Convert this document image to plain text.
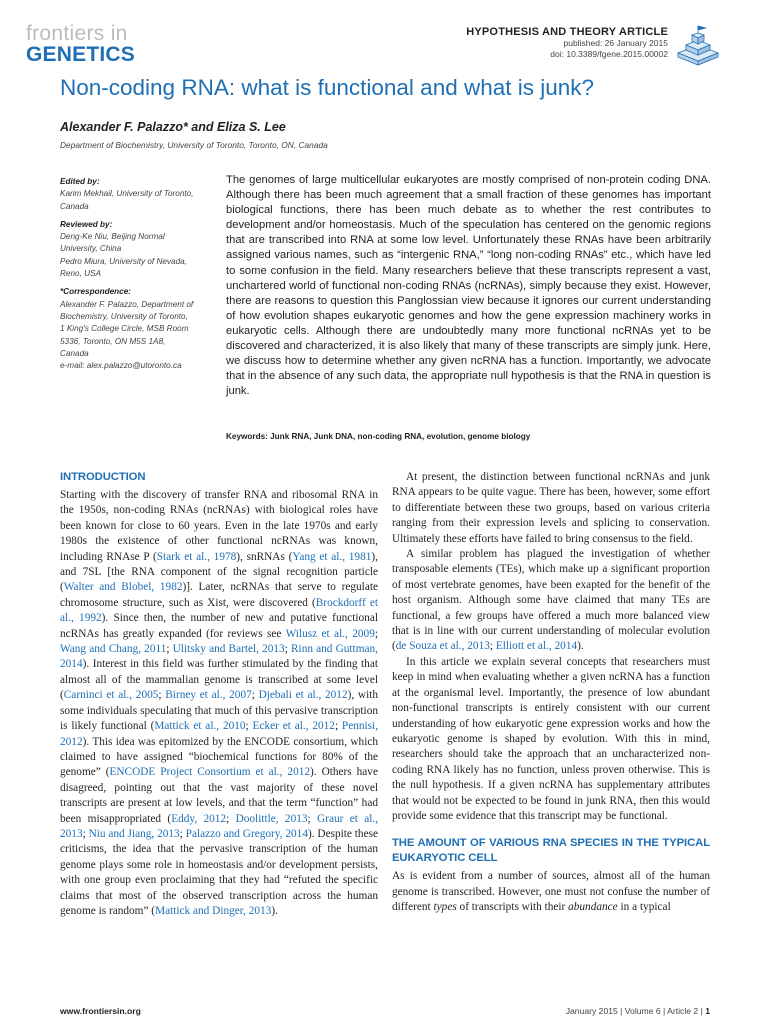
frontiers in
GENETICS
HYPOTHESIS AND THEORY ARTICLE
published: 26 January 2015
doi: 10.3389/fgene.2015.00002
Non-coding RNA: what is functional and what is junk?
Alexander F. Palazzo* and Eliza S. Lee
Department of Biochemistry, University of Toronto, Toronto, ON, Canada

Edited by:

Karim Mekhail, University of Toronto,

Canada

Reviewed by:

Deng-Ke Niu, Beijing Normal

University, China

Pedro Miura, University of Nevada,

Reno, USA

*Correspondence:

Alexander F. Palazzo, Department of

Biochemistry, University of Toronto,

1 King's College Circle, MSB Room

5336, Toronto, ON M5S 1A8,

Canada

e-mail: alex.palazzo@utoronto.ca

The genomes of large multicellular eukaryotes are mostly comprised of non-protein coding DNA. Although there has been much agreement that a small fraction of these genomes has important biological functions, there has been much debate as to whether the rest contributes to development and/or homeostasis. Much of the speculation has centered on the genomic regions that are transcribed into RNA at some low level. Unfortunately these RNAs have been arbitrarily assigned various names, such as “intergenic RNA,” “long non-coding RNAs” etc., which have led to some confusion in the field. Many researchers believe that these transcripts represent a vast, unchartered world of functional non-coding RNAs (ncRNAs), simply because they exist. However, there are reasons to question this Panglossian view because it ignores our current understanding of how evolution shapes eukaryotic genomes and how the gene expression machinery works in eukaryotic cells. Although there are undoubtedly many more functional ncRNAs yet to be discovered and characterized, it is also likely that many of these transcripts are simply junk. Here, we discuss how to determine whether any given ncRNA has a function. Importantly, we advocate that in the absence of any such data, the appropriate null hypothesis is that the RNA in question is junk.

Keywords: Junk RNA, Junk DNA, non-coding RNA, evolution, genome biology
INTRODUCTION

Starting with the discovery of transfer RNA and ribosomal RNA in the 1950s, non-coding RNAs (ncRNAs) with biological roles have been known for close to 60 years. Even in the late 1970s and early 1980s the existence of other functional ncRNAs was known, including RNAse P (Stark et al., 1978), snRNAs (Yang et al., 1981), and 7SL [the RNA component of the signal recognition particle (Walter and Blobel, 1982)]. Later, ncRNAs that serve to regulate chromosome structure, such as Xist, were discovered (Brockdorff et al., 1992). Since then, the number of new and putative functional ncRNAs has greatly expanded (for reviews see Wilusz et al., 2009; Wang and Chang, 2011; Ulitsky and Bartel, 2013; Rinn and Guttman, 2014). Interest in this field was further stimulated by the finding that almost all of the mammalian genome is transcribed at some level (Carninci et al., 2005; Birney et al., 2007; Djebali et al., 2012), with some individuals speculating that much of this pervasive transcription is likely functional (Mattick et al., 2010; Ecker et al., 2012; Pennisi, 2012). This idea was epitomized by the ENCODE consortium, which claimed to have assigned “biochemical functions for 80% of the genome” (ENCODE Project Consortium et al., 2012). Others have disagreed, pointing out that the vast majority of these novel transcripts are present at low levels, and that the term “function” had been misappropriated (Eddy, 2012; Doolittle, 2013; Graur et al., 2013; Niu and Jiang, 2013; Palazzo and Gregory, 2014). Despite these criticisms, the idea that the pervasive transcription of the human genome plays some role in homeostasis and/or development persists, with one group even proclaiming that they had “refuted the specific claims that most of the observed transcription across the human genome is random” (Mattick and Dinger, 2013).

At present, the distinction between functional ncRNAs and junk RNA appears to be quite vague. There has been, however, some effort to differentiate between these two groups, based on various criteria ranging from their expression levels and splicing to conservation. Ultimately these efforts have failed to bring consensus to the field.

A similar problem has plagued the investigation of whether transposable elements (TEs), which make up a significant proportion of most vertebrate genomes, have been exapted for the benefit of the host organism. Although some have claimed that many TEs are functional, a few groups have offered a much more balanced view that is in line with our current understanding of molecular evolution (de Souza et al., 2013; Elliott et al., 2014).

In this article we explain several concepts that researchers must keep in mind when evaluating whether a given ncRNA has a function at the organismal level. Importantly, the presence of low abundant non-functional transcripts is entirely consistent with our current understanding of how eukaryotic gene expression works and how the eukaryotic genome is shaped by evolution. With this in mind, researchers should take the approach that an uncharacterized non-coding RNA likely has no function, unless proven otherwise. This is the null hypothesis. If a given ncRNA has supplementary attributes that would not be expected to be found in junk RNA, then this would provide some evidence that this transcript may be functional.

THE AMOUNT OF VARIOUS RNA SPECIES IN THE TYPICAL EUKARYOTIC CELL

As is evident from a number of sources, almost all of the human genome is transcribed. However, one must not confuse the number of different types of transcripts with their abundance in a typical

www.frontiersin.org	January 2015 | Volume 6 | Article 2 | 1
